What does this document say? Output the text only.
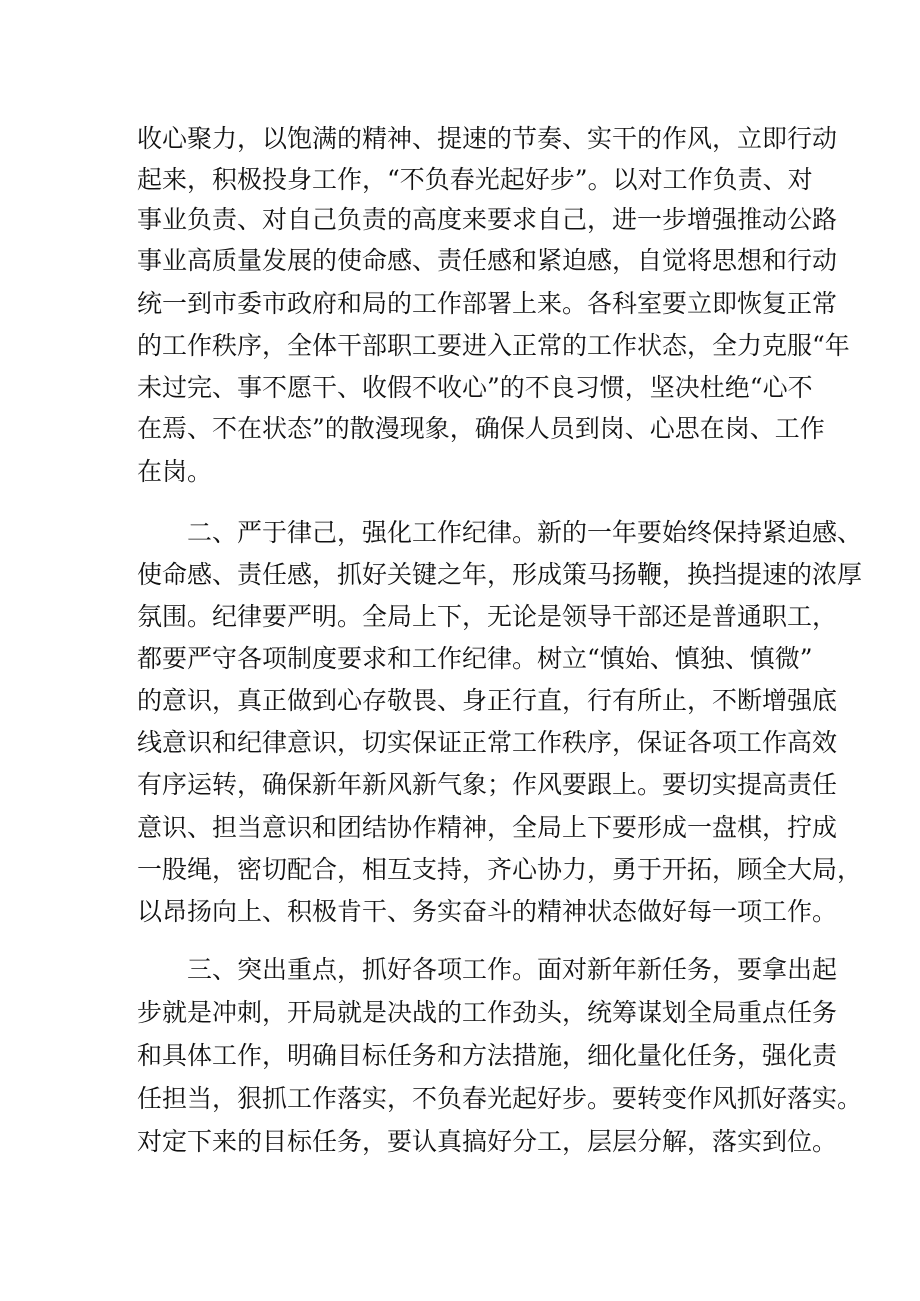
收心聚力，以饱满的精神、提速的节奏、实干的作风，立即行动
起来，积极投身工作，“不负春光起好步”。以对工作负责、对
事业负责、对自己负责的高度来要求自己，进一步增强推动公路
事业高质量发展的使命感、责任感和紧迫感，自觉将思想和行动
统一到市委市政府和局的工作部署上来。各科室要立即恢复正常
的工作秩序，全体干部职工要进入正常的工作状态，全力克服“年
未过完、事不愿干、收假不收心”的不良习惯，坚决杜绝“心不
在焉、不在状态”的散漫现象，确保人员到岗、心思在岗、工作
在岗。
二、严于律己，强化工作纪律。新的一年要始终保持紧迫感、
使命感、责任感，抓好关键之年，形成策马扬鞭，换挡提速的浓厚
氛围。纪律要严明。全局上下，无论是领导干部还是普通职工，
都要严守各项制度要求和工作纪律。树立“慎始、慎独、慎微”
的意识，真正做到心存敬畏、身正行直，行有所止，不断增强底
线意识和纪律意识，切实保证正常工作秩序，保证各项工作高效
有序运转，确保新年新风新气象；作风要跟上。要切实提高责任
意识、担当意识和团结协作精神，全局上下要形成一盘棋，拧成
一股绳，密切配合，相互支持，齐心协力，勇于开拓，顾全大局，
以昂扬向上、积极肯干、务实奋斗的精神状态做好每一项工作。
三、突出重点，抓好各项工作。面对新年新任务，要拿出起
步就是冲刺，开局就是决战的工作劲头，统筹谋划全局重点任务
和具体工作，明确目标任务和方法措施，细化量化任务，强化责
任担当，狠抓工作落实，不负春光起好步。要转变作风抓好落实。
对定下来的目标任务，要认真搞好分工，层层分解，落实到位。
